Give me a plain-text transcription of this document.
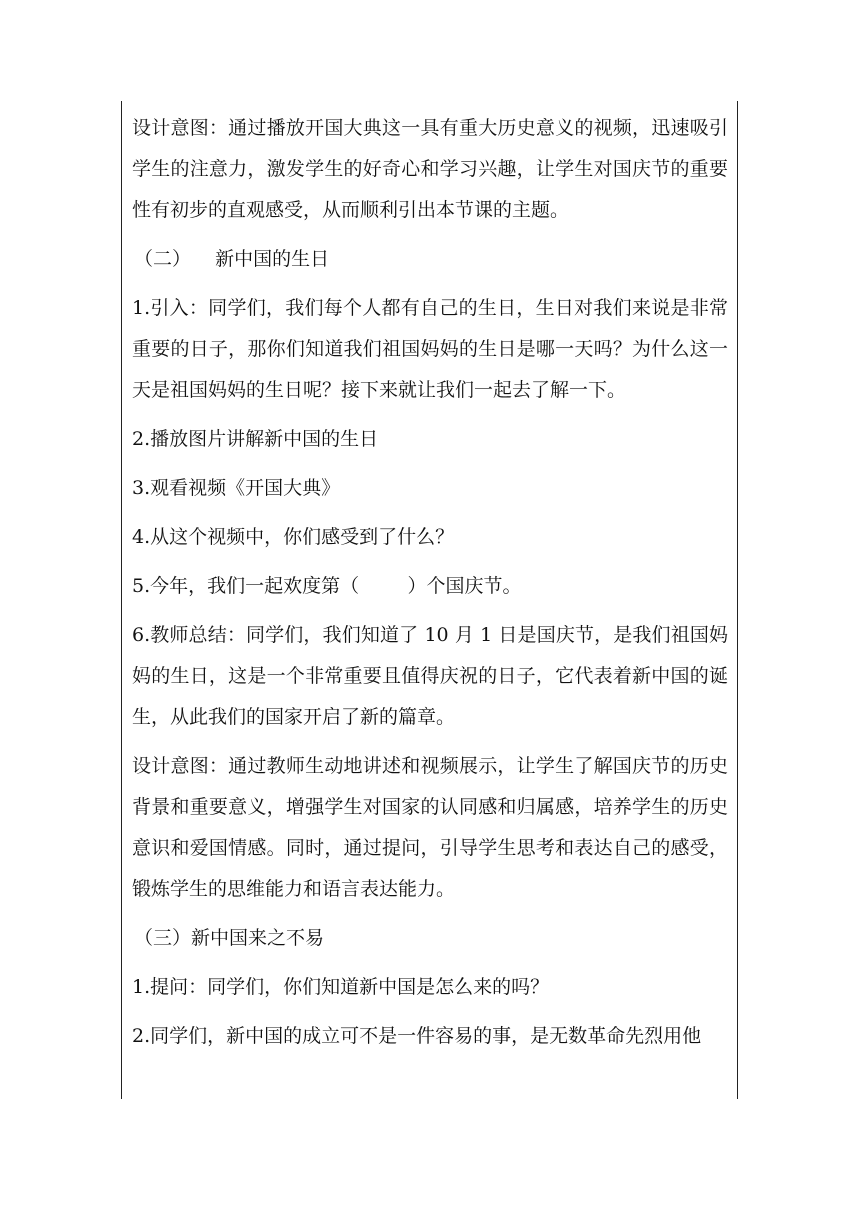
设计意图：通过播放开国大典这一具有重大历史意义的视频，迅速吸引学生的注意力，激发学生的好奇心和学习兴趣，让学生对国庆节的重要性有初步的直观感受，从而顺利引出本节课的主题。

（二）    新中国的生日

1.引入：同学们，我们每个人都有自己的生日，生日对我们来说是非常重要的日子，那你们知道我们祖国妈妈的生日是哪一天吗？为什么这一天是祖国妈妈的生日呢？接下来就让我们一起去了解一下。

2.播放图片讲解新中国的生日

3.观看视频《开国大典》

4.从这个视频中，你们感受到了什么？

5.今年，我们一起欢度第（        ）个国庆节。

6.教师总结：同学们，我们知道了 10 月 1 日是国庆节，是我们祖国妈妈的生日，这是一个非常重要且值得庆祝的日子，它代表着新中国的诞生，从此我们的国家开启了新的篇章。

设计意图：通过教师生动地讲述和视频展示，让学生了解国庆节的历史背景和重要意义，增强学生对国家的认同感和归属感，培养学生的历史意识和爱国情感。同时，通过提问，引导学生思考和表达自己的感受，锻炼学生的思维能力和语言表达能力。

（三）新中国来之不易

1.提问：同学们，你们知道新中国是怎么来的吗？

2.同学们，新中国的成立可不是一件容易的事，是无数革命先烈用他
